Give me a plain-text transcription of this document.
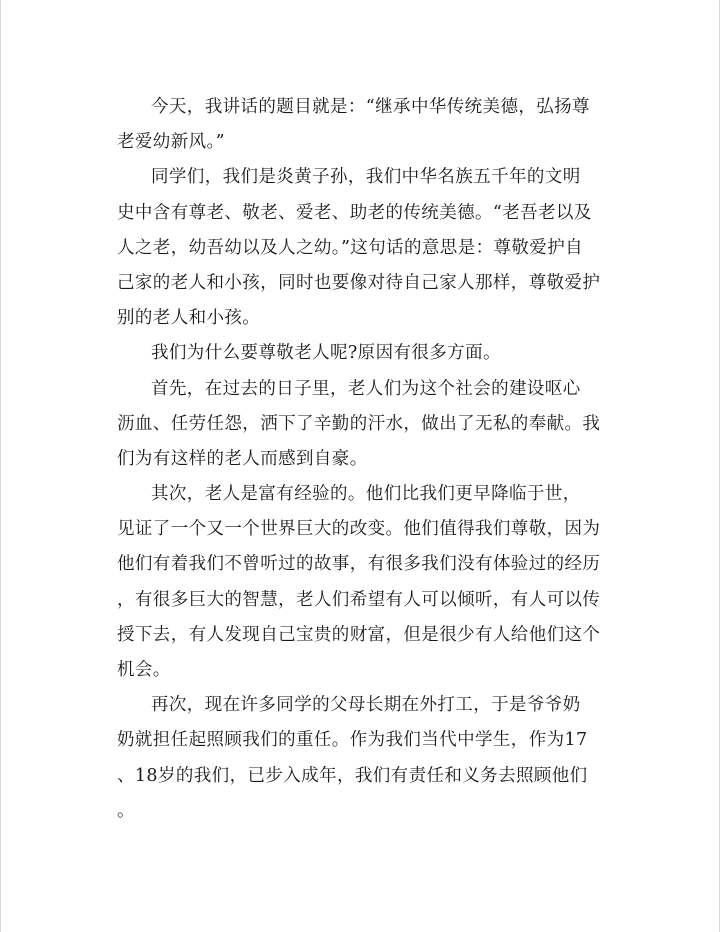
今天，我讲话的题目就是：“继承中华传统美德，弘扬尊
老爱幼新风。”
同学们，我们是炎黄子孙，我们中华名族五千年的文明
史中含有尊老、敬老、爱老、助老的传统美德。“老吾老以及
人之老，幼吾幼以及人之幼。”这句话的意思是：尊敬爱护自
己家的老人和小孩，同时也要像对待自己家人那样，尊敬爱护
别的老人和小孩。
我们为什么要尊敬老人呢?原因有很多方面。
首先，在过去的日子里，老人们为这个社会的建设呕心
沥血、任劳任怨，洒下了辛勤的汗水，做出了无私的奉献。我
们为有这样的老人而感到自豪。
其次，老人是富有经验的。他们比我们更早降临于世，
见证了一个又一个世界巨大的改变。他们值得我们尊敬，因为
他们有着我们不曾听过的故事，有很多我们没有体验过的经历
，有很多巨大的智慧，老人们希望有人可以倾听，有人可以传
授下去，有人发现自己宝贵的财富，但是很少有人给他们这个
机会。
再次，现在许多同学的父母长期在外打工，于是爷爷奶
奶就担任起照顾我们的重任。作为我们当代中学生，作为17
、18岁的我们，已步入成年，我们有责任和义务去照顾他们
。
